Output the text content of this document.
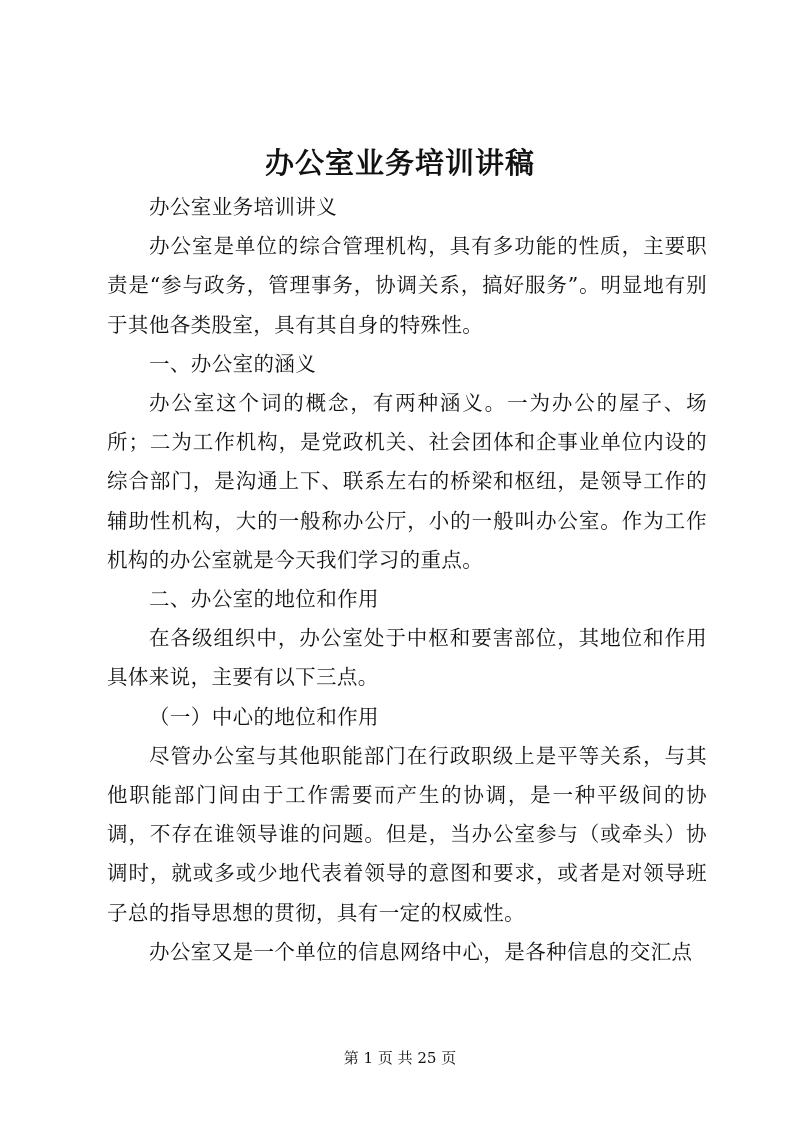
办公室业务培训讲稿

办公室业务培训讲义

办公室是单位的综合管理机构，具有多功能的性质，主要职责是“参与政务，管理事务，协调关系，搞好服务”。明显地有别于其他各类股室，具有其自身的特殊性。

一、办公室的涵义

办公室这个词的概念，有两种涵义。一为办公的屋子、场所；二为工作机构，是党政机关、社会团体和企事业单位内设的综合部门，是沟通上下、联系左右的桥梁和枢纽，是领导工作的辅助性机构，大的一般称办公厅，小的一般叫办公室。作为工作机构的办公室就是今天我们学习的重点。

二、办公室的地位和作用

在各级组织中，办公室处于中枢和要害部位，其地位和作用具体来说，主要有以下三点。

（一）中心的地位和作用

尽管办公室与其他职能部门在行政职级上是平等关系，与其他职能部门间由于工作需要而产生的协调，是一种平级间的协调，不存在谁领导谁的问题。但是，当办公室参与（或牵头）协调时，就或多或少地代表着领导的意图和要求，或者是对领导班子总的指导思想的贯彻，具有一定的权威性。

办公室又是一个单位的信息网络中心，是各种信息的交汇点

第 1 页 共 25 页
